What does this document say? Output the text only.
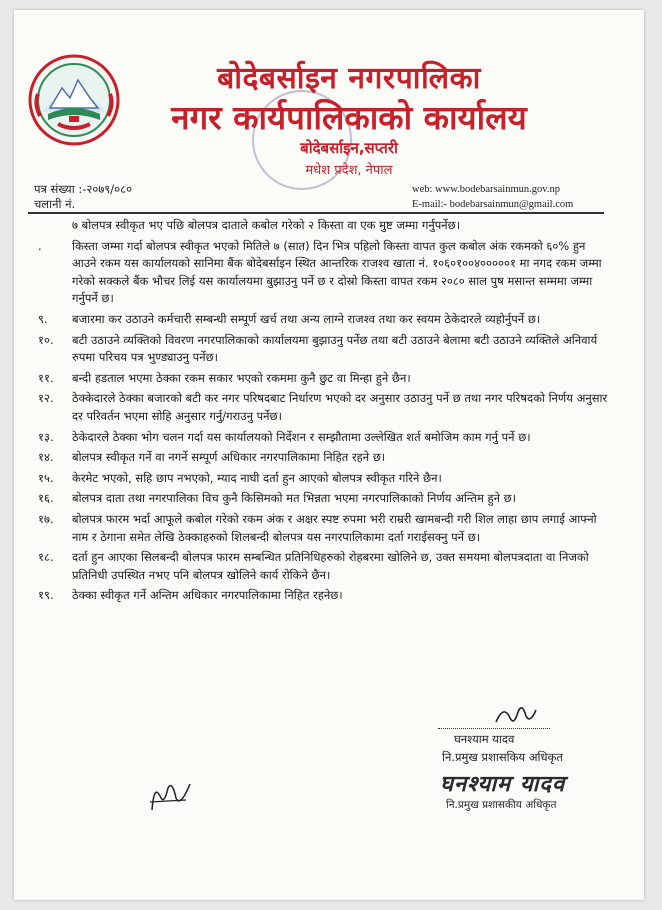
बोदेबर्साइन नगरपालिका
नगर कार्यपालिकाको कार्यालय
बोदेबर्साइन,सप्तरी
मधेश प्रदेश, नेपाल
पत्र संख्या :-२०७९/०८०
चलानी नं.
web: www.bodebarsainmun.gov.np
E-mail:- bodebarsainmun@gmail.com
७ बोलपत्र स्वीकृत भए पछि बोलपत्र दाताले कबोल गरेको २ किस्ता वा एक मुष्ट जम्मा गर्नुपर्नेछ।
.	किस्ता जम्मा गर्दा बोलपत्र स्वीकृत भएको मितिले ७ (सात) दिन भित्र पहिलो किस्ता वापत कुल कबोल अंक रकमको ६०% हुन आउने रकम यस कार्यालयको सानिमा बैंक बोदेबर्साइन स्थित आन्तरिक राजश्व खाता नं. १०६०१००४०००००१ मा नगद रकम जम्मा गरेको सक्कले बैंक भौचर लिई यस कार्यालयमा बुझाउनु पर्ने छ र दोस्रो किस्ता वापत रकम २०८० साल पुष मसान्त सम्ममा जम्मा गर्नुपर्ने छ।
९. बजारमा कर उठाउने कर्मचारी सम्बन्धी सम्पूर्ण खर्च तथा अन्य लाग्ने राजश्व तथा कर स्वयम ठेकेदारले व्यहोर्नुपर्ने छ।
१०. बटी उठाउने व्यक्तिको विवरण नगरपालिकाको कार्यालयमा बुझाउनु पर्नेछ तथा बटी उठाउने बेलामा बटी उठाउने व्यक्तिले अनिवार्य रुपमा परिचय पत्र भुण्ड्याउनु पर्नेछ।
११. बन्दी हडताल भएमा ठेक्का रकम सकार भएको रकममा कुनै छुट वा मिन्हा हुने छैन।
१२. ठेक्केदारले ठेक्का बजारको बटी कर नगर परिषदबाट निर्धारण भएको दर अनुसार उठाउनु पर्ने छ तथा नगर परिषदको निर्णय अनुसार दर परिवर्तन भएमा सोहि अनुसार गर्नु/गराउनु पर्नेछ।
१३. ठेकेदारले ठेक्का भोग चलन गर्दा यस कार्यालयको निर्देशन र सम्झौतामा उल्लेखित शर्त बमोजिम काम गर्नु पर्ने छ।
१४. बोलपत्र स्वीकृत गर्ने वा नगर्ने सम्पूर्ण अधिकार नगरपालिकामा निहित रहने छ।
१५. केरमेट भएको, सहि छाप नभएको, म्याद नाघी दर्ता हुन आएको बोलपत्र स्वीकृत गरिने छैन।
१६. बोलपत्र दाता तथा नगरपालिका विच कुनै किसिमको मत भिन्नता भएमा नगरपालिकाको निर्णय अन्तिम हुने छ।
१७. बोलपत्र फारम भर्दा आफूले कबोल गरेको रकम अंक र अक्षर स्पष्ट रुपमा भरी राम्ररी खामबन्दी गरी शिल लाहा छाप लगाई आफ्नो नाम र ठेगाना समेत लेखि ठेक्काहरुको शिलबन्दी बोलपत्र यस नगरपालिकामा दर्ता गराईसक्नु पर्ने छ।
१८. दर्ता हुन आएका सिलबन्दी बोलपत्र फारम सम्बन्धित प्रतिनिधिहरुको रोहबरमा खोलिने छ, उक्त समयमा बोलपत्रदाता वा निजको प्रतिनिधी उपस्थित नभए पनि बोलपत्र खोलिने कार्य रोकिने छैन।
१९. ठेक्का स्वीकृत गर्ने अन्तिम अधिकार नगरपालिकामा निहित रहनेछ।
घनश्याम यादव
नि.प्रमुख प्रशासकिय अधिकृत
घनश्याम यादव
नि.प्रमुख प्रशासकीय अधिकृत
